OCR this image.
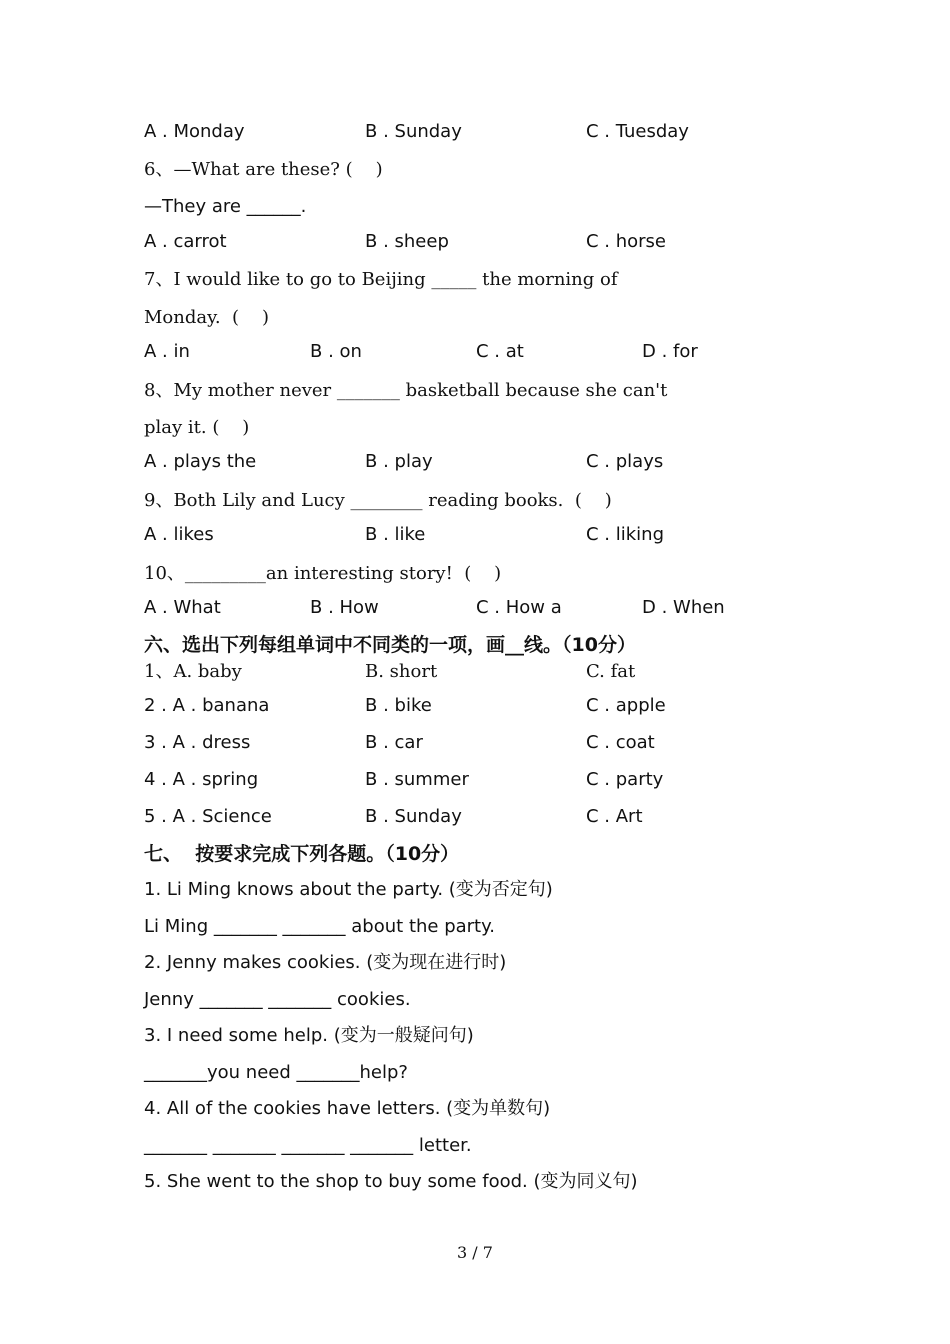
A . Monday	B . Sunday	C . Tuesday
6、—What are these? (    )
—They are ______.
A . carrot	B . sheep	C . horse
7、I would like to go to Beijing _____ the morning of
Monday.  (    )
A . in	B . on	C . at	D . for
8、My mother never _______ basketball because she can't
play it. (    )
A . plays the	B . play	C . plays
9、Both Lily and Lucy ________ reading books.  (    )
A . likes	B . like	C . liking
10、_________an interesting story!  (    )
A . What	B . How	C . How a	D . When
六、选出下列每组单词中不同类的一项，画__线。（10分）
1、A. baby	B. short	C. fat
2 . A . banana	B . bike	C . apple
3 . A . dress	B . car	C . coat
4 . A . spring	B . summer	C . party
5 . A . Science	B . Sunday	C . Art
七、  按要求完成下列各题。（10分）
1. Li Ming knows about the party. (变为否定句)
Li Ming _______ _______ about the party.
2. Jenny makes cookies. (变为现在进行时)
Jenny _______ _______ cookies.
3. I need some help. (变为一般疑问句)
_______you need _______help?
4. All of the cookies have letters. (变为单数句)
_______ _______ _______ _______ letter.
5. She went to the shop to buy some food. (变为同义句)
3 / 7
